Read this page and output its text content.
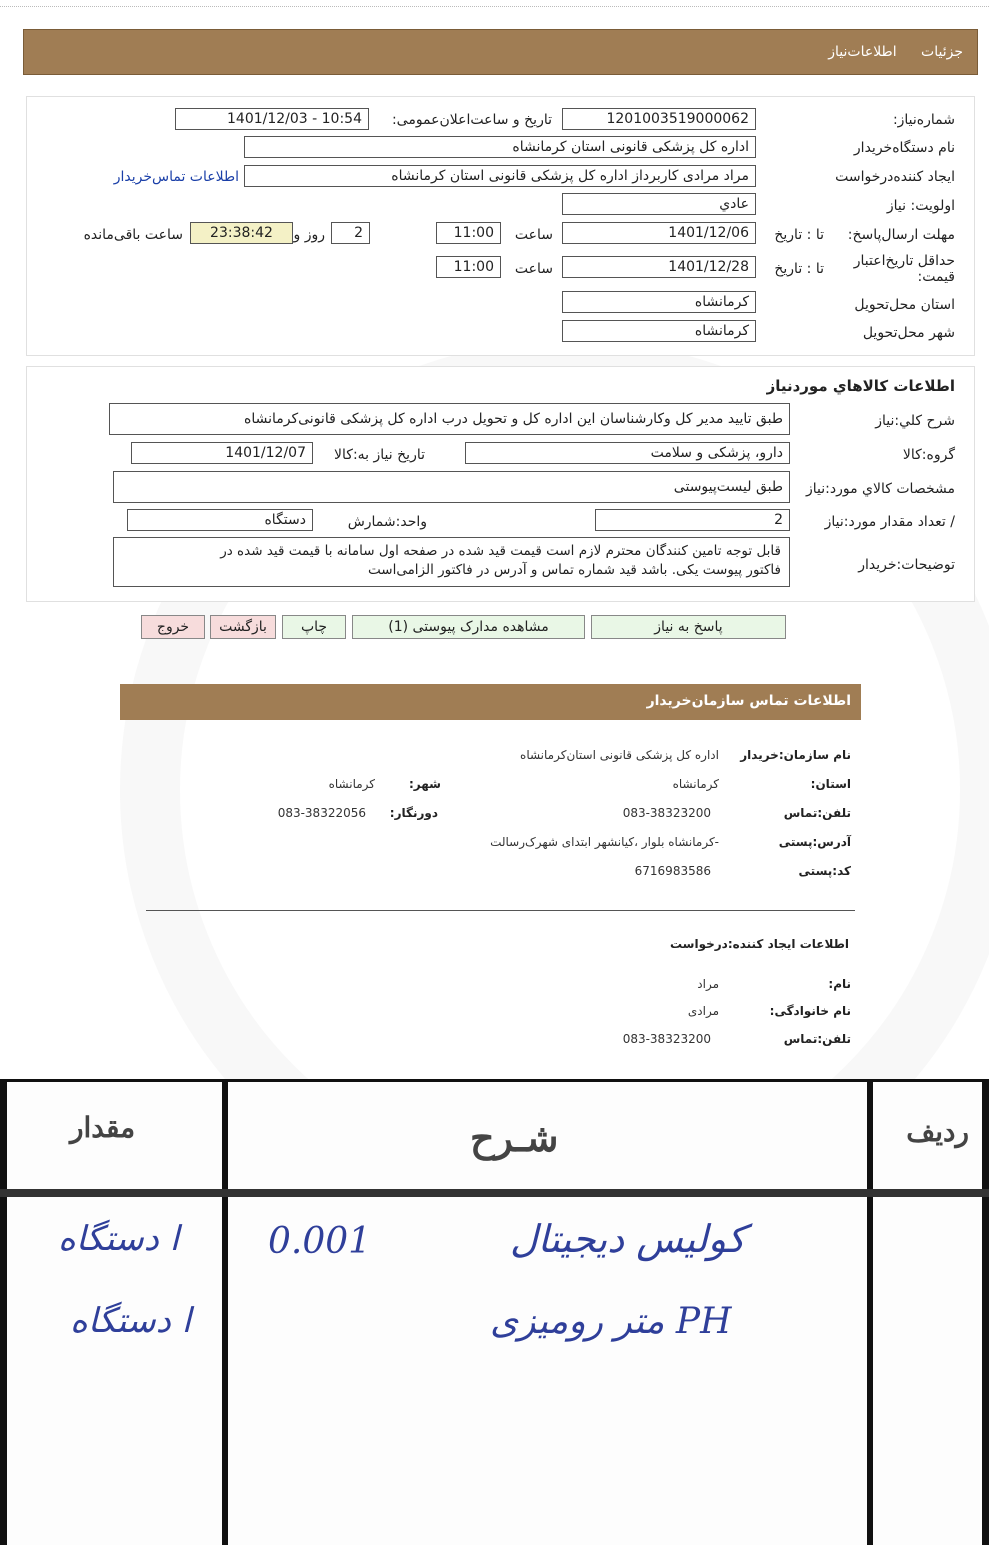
جزئيات اطلاعات‌نیاز
شماره‌نیاز:
1201003519000062
تاریخ و ساعت‌اعلان‌عمومی:
1401/12/03 - 10:54
نام دستگاه‌خریدار
اداره کل پزشکی قانونی استان کرمانشاه
ایجاد کننده‌درخواست
مراد مرادی کاربرداز اداره کل پزشکی قانونی استان کرمانشاه
اطلاعات تماس‌خریدار
اولویت: نیاز
عادي
مهلت ارسال‌پاسخ:
تا : تاریخ
1401/12/06
ساعت
11:00
2
روز و
23:38:42
ساعت باقی‌مانده
حداقل تاریخ‌اعتبار قیمت:
تا : تاریخ
1401/12/28
ساعت
11:00
استان محل‌تحویل
کرمانشاه
شهر محل‌تحویل
کرمانشاه
اطلاعات کالاهاي موردنیاز
شرح کلي:نیاز
طبق تایید مدیر کل وکارشناسان این اداره کل و تحویل درب اداره کل پزشکی قانونی‌کرمانشاه
گروه:کالا
دارو، پزشکی و سلامت
تاریخ نیاز به:کالا
1401/12/07
مشخصات کالاي مورد:نیاز
طبق لیست‌پیوستی
/ تعداد مقدار مورد:نیاز
2
واحد:شمارش
دستگاه
توضیحات:خریدار
قابل توجه تامین کنندگان محترم لازم است قیمت قید شده در صفحه اول سامانه با قیمت قید شده در
فاکتور پیوست یکی. باشد قید شماره تماس و آدرس در فاکتور الزامی‌است
پاسخ به نیاز
مشاهده مدارک پیوستی (1)
چاپ
بازگشت
خروج
اطلاعات تماس سازمان‌خریدار
نام سازمان:خریدار
اداره کل پزشکی قانونی استان‌کرمانشاه
استان:
کرمانشاه
شهر:
کرمانشاه
تلفن:تماس
083-38323200
دورنگار:
083-38322056
آدرس:پستی
-کرمانشاه بلوار ،کیانشهر ابتدای شهرک‌رسالت
کد:پستی
6716983586
اطلاعات ایجاد کننده:درخواست
نام:
مراد
نام خانوادگی:
مرادی
تلفن:تماس
083-38323200
ردیف
شـرح
مقدار
کولیس دیجیتال
0.001
ا دستگاه
PH متر رومیزی
ا دستگاه
